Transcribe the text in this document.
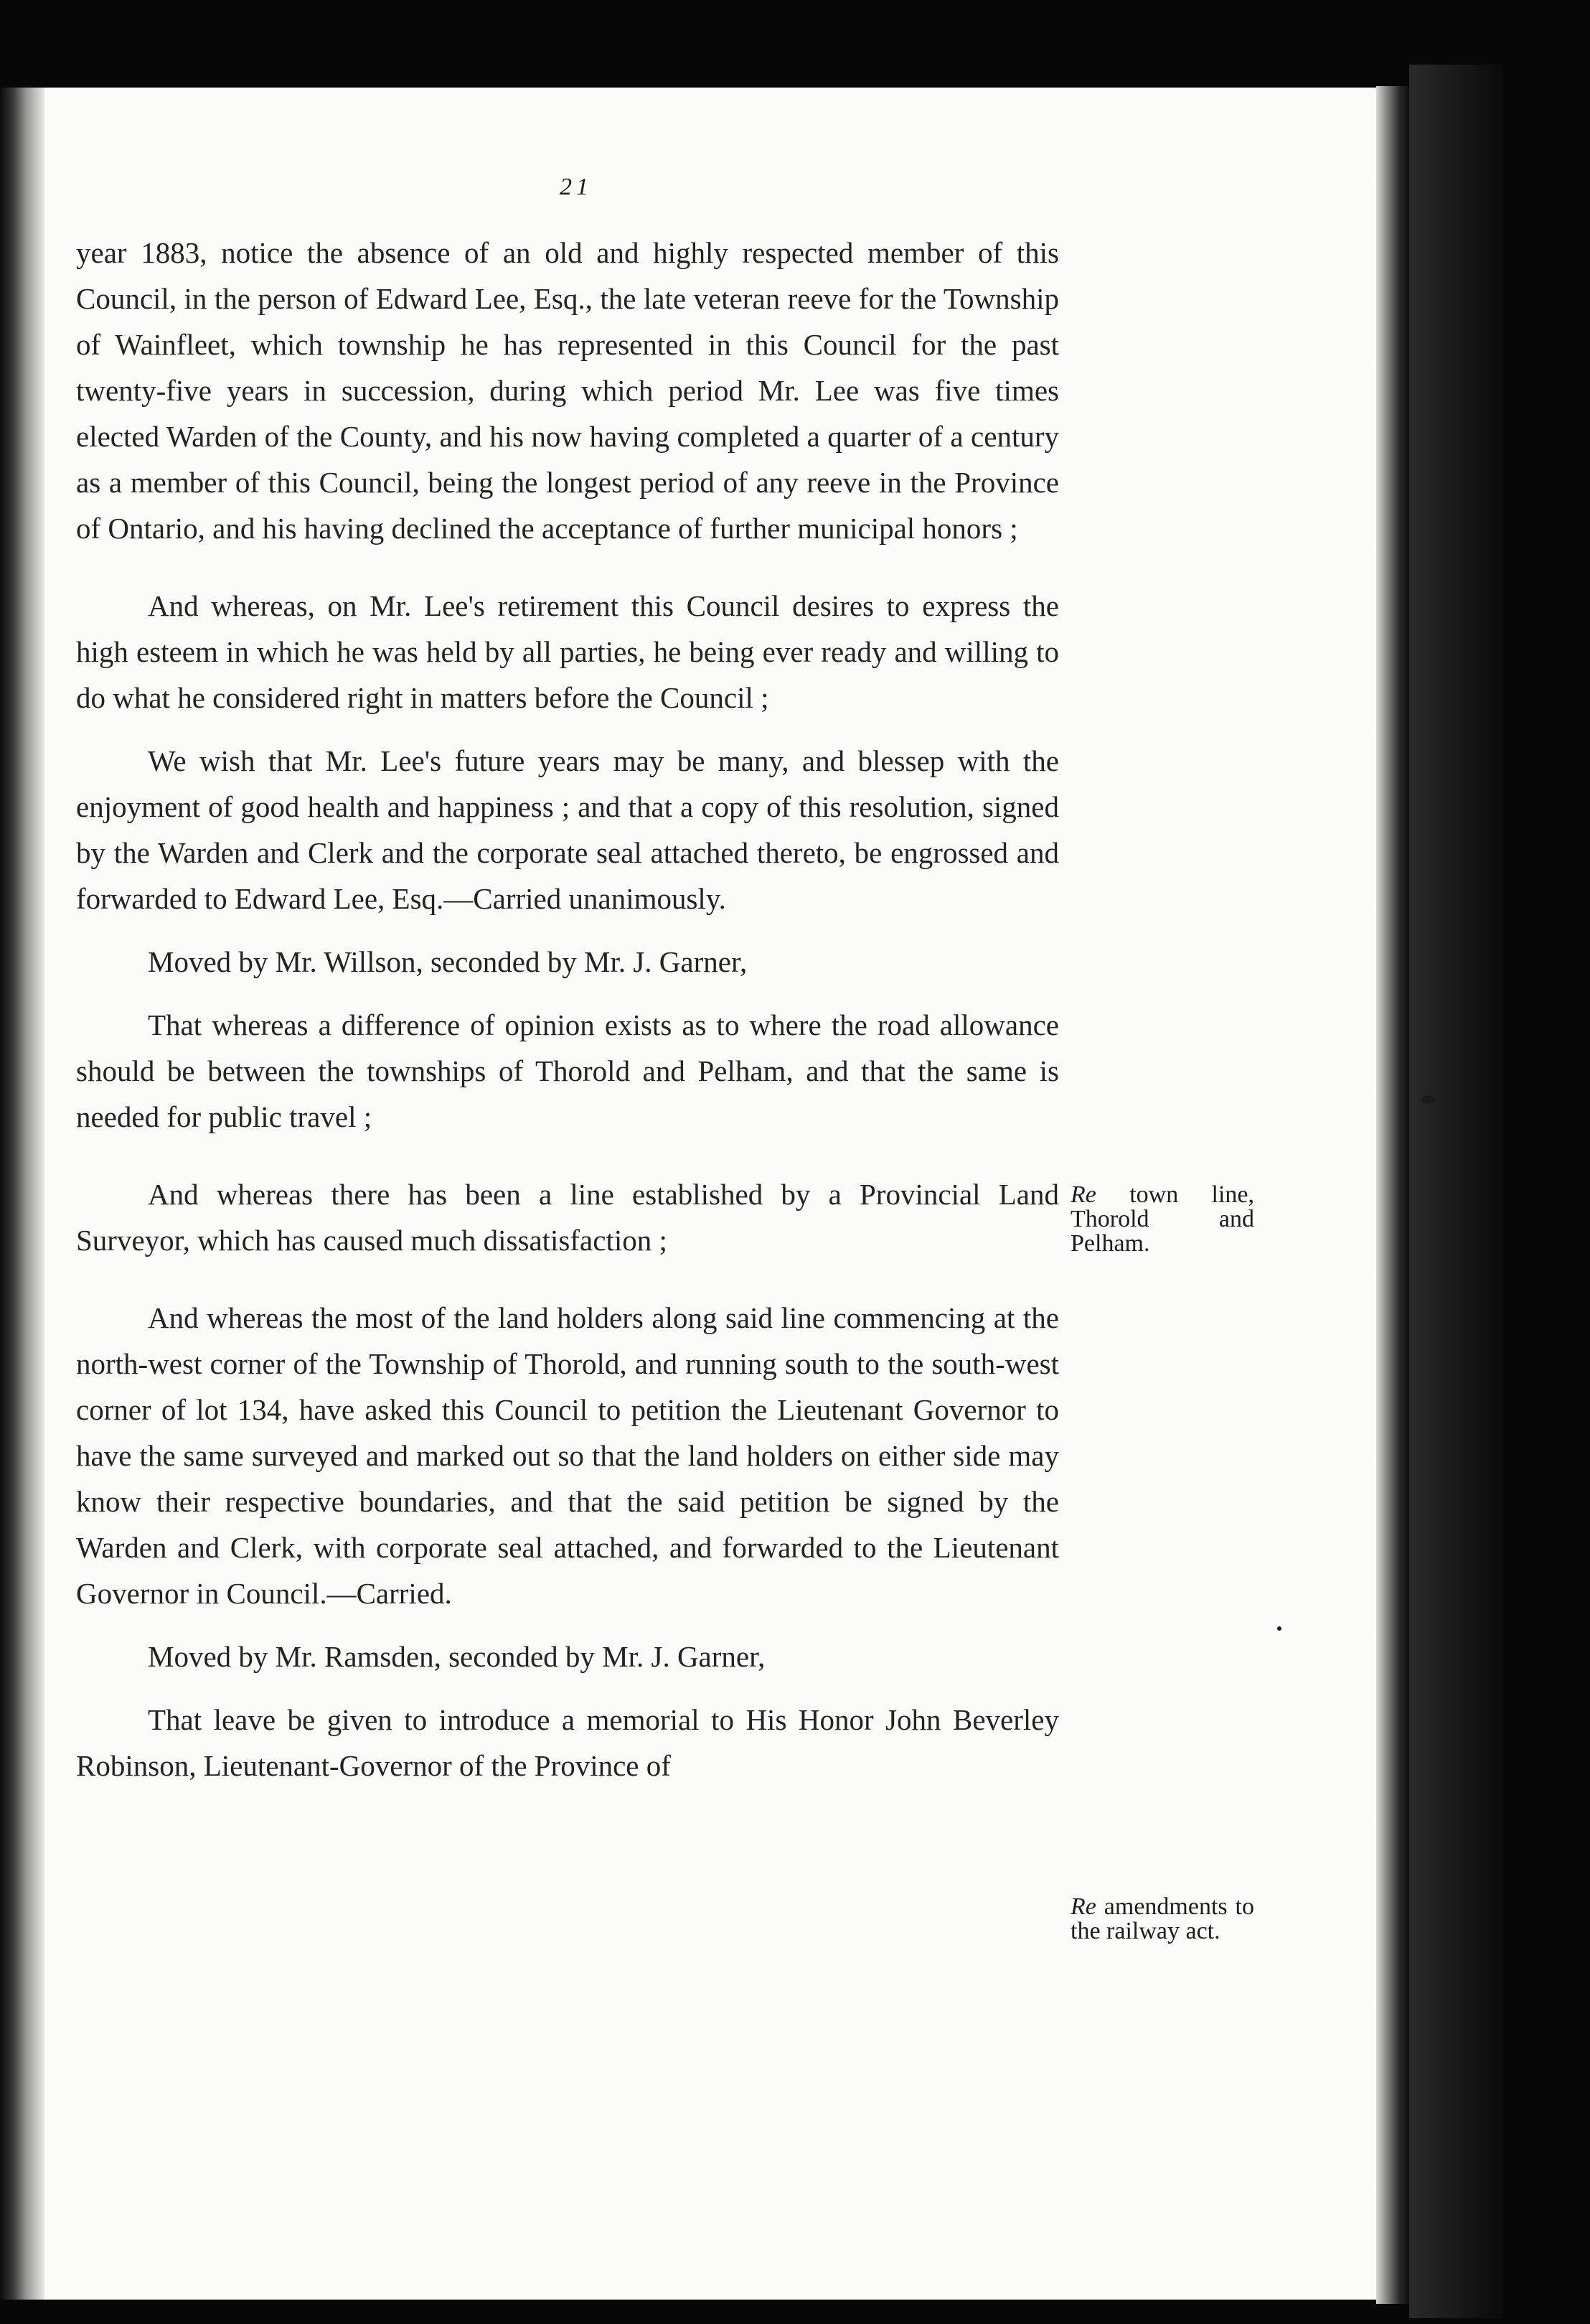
21

year 1883, notice the absence of an old and highly respected member of this Council, in the person of Edward Lee, Esq., the late veteran reeve for the Township of Wainfleet, which township he has represented in this Council for the past twenty-five years in succession, during which period Mr. Lee was five times elected Warden of the County, and his now having completed a quarter of a century as a member of this Council, being the longest period of any reeve in the Province of Ontario, and his having declined the acceptance of further municipal honors ;

And whereas, on Mr. Lee's retirement this Council desires to express the high esteem in which he was held by all parties, he being ever ready and willing to do what he considered right in matters before the Council ;

We wish that Mr. Lee's future years may be many, and blessep with the enjoyment of good health and happiness ; and that a copy of this resolution, signed by the Warden and Clerk and the corporate seal attached thereto, be engrossed and forwarded to Edward Lee, Esq.—Carried unanimously.

Moved by Mr. Willson, seconded by Mr. J. Garner,

That whereas a difference of opinion exists as to where the road allowance should be between the townships of Thorold and Pelham, and that the same is needed for public travel ;

And whereas there has been a line established by a Provincial Land Surveyor, which has caused much dissatisfaction ;

And whereas the most of the land holders along said line commencing at the north-west corner of the Township of Thorold, and running south to the south-west corner of lot 134, have asked this Council to petition the Lieutenant Governor to have the same surveyed and marked out so that the land holders on either side may know their respective boundaries, and that the said petition be signed by the Warden and Clerk, with corporate seal attached, and forwarded to the Lieutenant Governor in Council.—Carried.

Moved by Mr. Ramsden, seconded by Mr. J. Garner,

That leave be given to introduce a memorial to His Honor John Beverley Robinson, Lieutenant-Governor of the Province of

Re town line, Thorold and Pelham.
Re amendments to the railway act.
